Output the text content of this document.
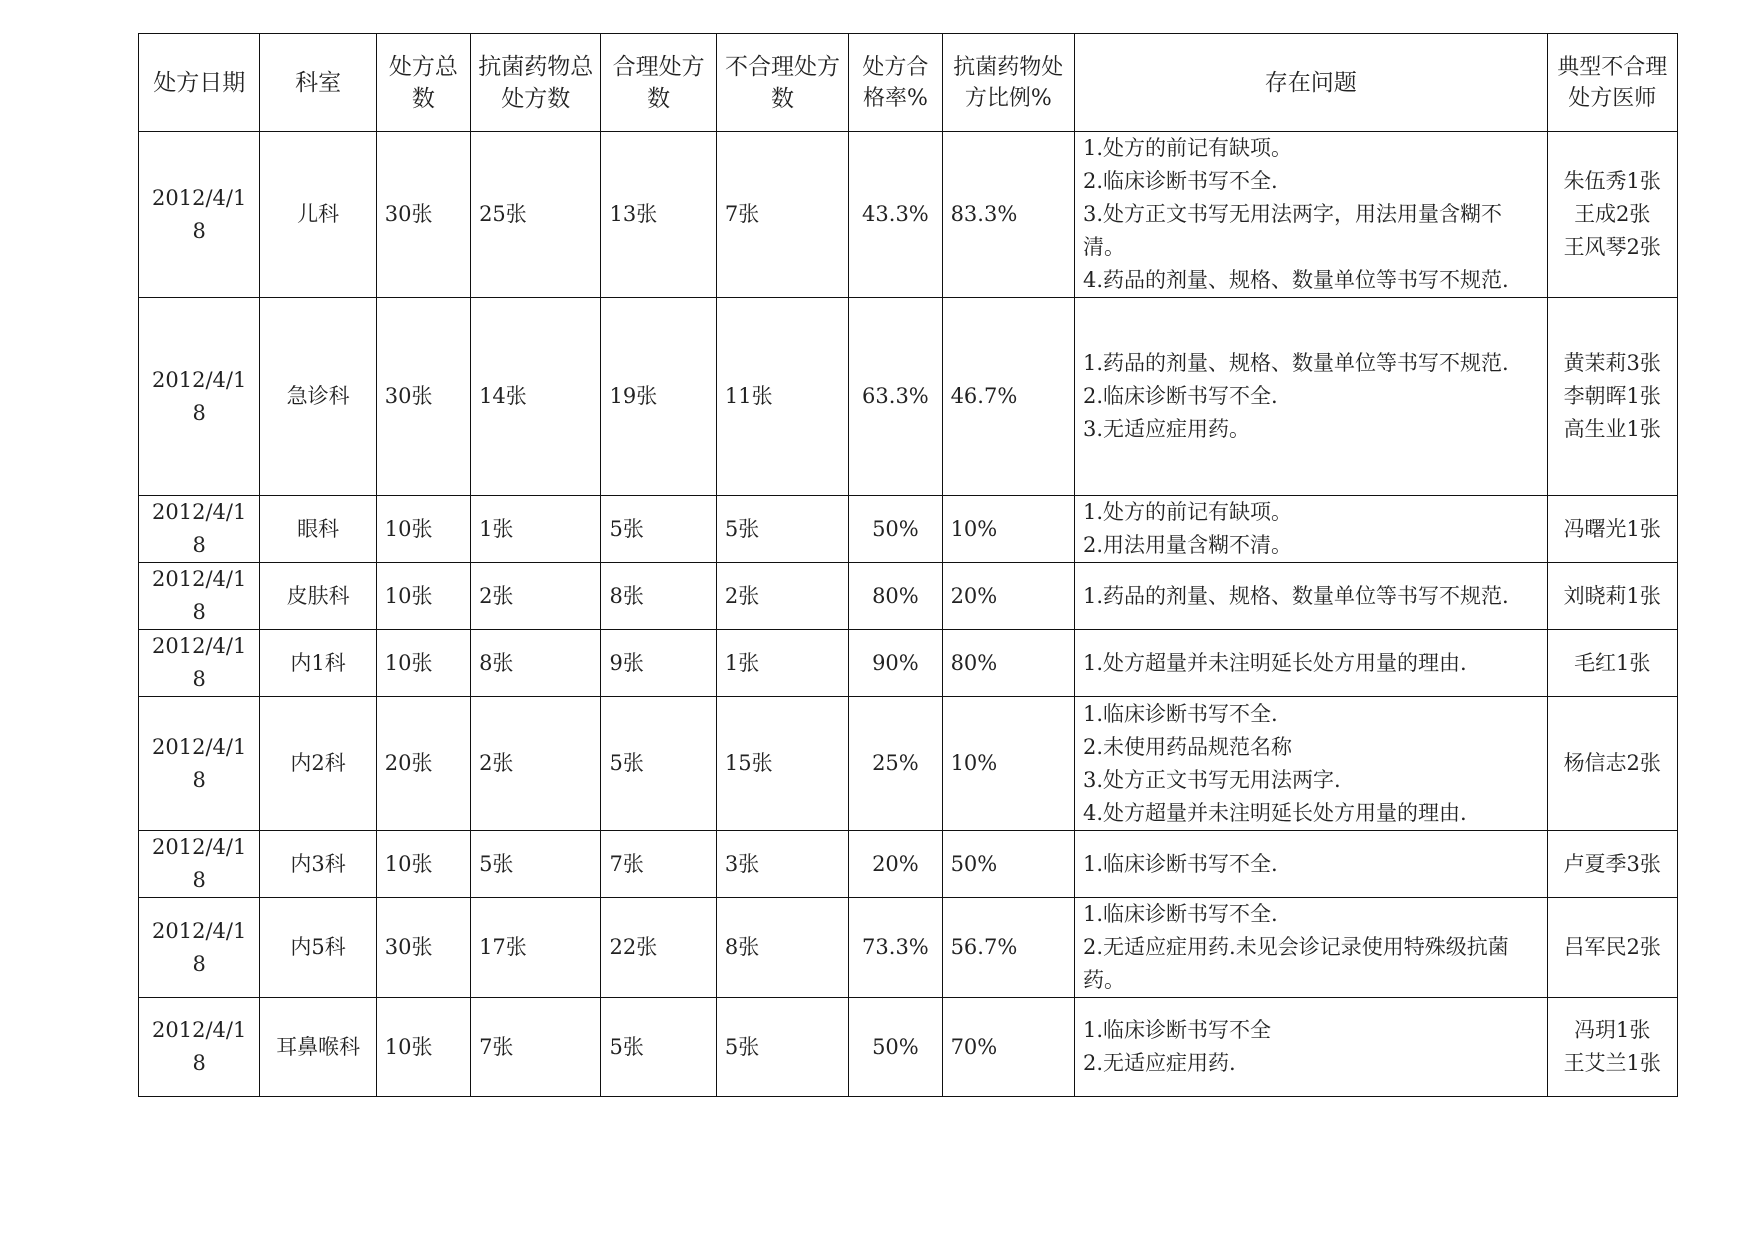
处方日期	科室	处方总数	抗菌药物总处方数	合理处方数	不合理处方数	处方合格率%	抗菌药物处方比例%	存在问题	典型不合理处方医师
2012/4/18	儿科	30张	25张	13张	7张	43.3%	83.3%	1.处方的前记有缺项。
2.临床诊断书写不全.
3.处方正文书写无用法两字，用法用量含糊不清。
4.药品的剂量、规格、数量单位等书写不规范.	朱伍秀1张
王成2张
王风琴2张

2012/4/18	急诊科	30张	14张	19张	11张	63.3%	46.7%	1.药品的剂量、规格、数量单位等书写不规范.
2.临床诊断书写不全.
3.无适应症用药。	黄茉莉3张
李朝晖1张
高生业1张

2012/4/18	眼科	10张	1张	5张	5张	50%	10%	1.处方的前记有缺项。
2.用法用量含糊不清。	冯曙光1张

2012/4/18	皮肤科	10张	2张	8张	2张	80%	20%	1.药品的剂量、规格、数量单位等书写不规范.	刘晓莉1张

2012/4/18	内1科	10张	8张	9张	1张	90%	80%	1.处方超量并未注明延长处方用量的理由.	毛红1张

2012/4/18	内2科	20张	2张	5张	15张	25%	10%	1.临床诊断书写不全.
2.未使用药品规范名称
3.处方正文书写无用法两字.
4.处方超量并未注明延长处方用量的理由.	杨信志2张

2012/4/18	内3科	10张	5张	7张	3张	20%	50%	1.临床诊断书写不全.	卢夏季3张

2012/4/18	内5科	30张	17张	22张	8张	73.3%	56.7%	1.临床诊断书写不全.
2.无适应症用药.未见会诊记录使用特殊级抗菌药。	吕军民2张

2012/4/18	耳鼻喉科	10张	7张	5张	5张	50%	70%	1.临床诊断书写不全
2.无适应症用药.	冯玥1张
王艾兰1张
